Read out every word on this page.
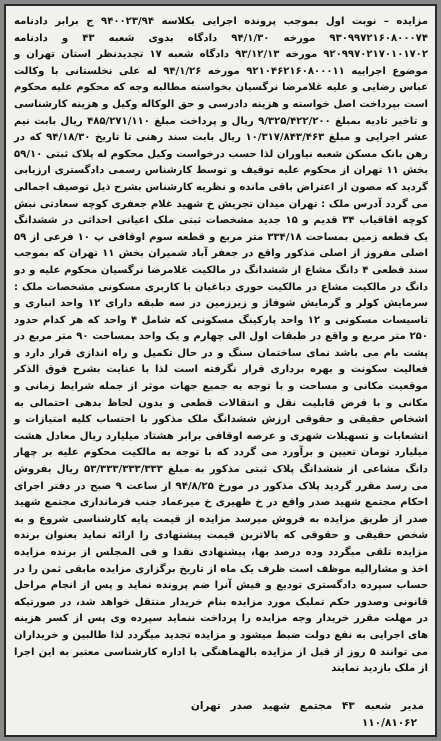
مزایده – نوبت اول بموجب پرونده اجرایی بکلاسه ۹۴۰۰۲۳/۹۴ ج برابر دادنامه ۹۳۰۹۹۷۲۱۶۰۸۰۰۰۷۴ مورخه ۹۴/۱/۳۰ دادگاه بدوی شعبه ۴۳ و دادنامه ۹۲۰۹۹۷۰۲۱۷۰۱۰۱۷۰۲ مورخه ۹۳/۱۲/۱۳ دادگاه شعبه ۱۷ تجدیدنظر استان تهران و موضوع اجراییه ۹۲۱۰۴۶۲۱۶۰۸۰۰۰۱۱ مورخه ۹۴/۱/۲۶ له علی نخلستانی با وکالت عباس رضایی و علیه غلامرضا نرگسیان بخواسته مطالبه وجه که محکوم علیه محکوم است بپرداخت اصل خواسته و هزینه دادرسی و حق الوکاله وکیل و هزینه کارشناسی و تاخیر تادیه بمبلغ ۹/۳۲۵/۴۲۲/۲۰۰ ریال و پرداخت مبلغ ۴۸۵/۲۷۱/۱۱۰ ریال بابت نیم عشر اجرایی و مبلغ ۱۰/۳۱۷/۸۴۳/۴۶۳ ریال بابت سند رهنی تا تاریخ ۹۴/۱۸/۳۰ که در رهن بانک مسکن شعبه نیاوران لذا حسب درخواست وکیل محکوم له پلاک ثبتی ۵۹/۱۰ بخش ۱۱ تهران از محکوم علیه توقیف و توسط کارشناس رسمی دادگستری ارزیابی گردید که مصون از اعتراض باقی مانده و نظریه کارشناس بشرح ذیل توصیف اجمالی می گردد آدرس ملک : تهران میدان تجریش خ شهید غلام جعفری کوچه سعادتی نبش کوچه اقاقیاب ۳۴ قدیم و ۱۵ جدید مشخصات ثبتی ملک اعیانی احداثی در ششدانگ یک قطعه زمین بمساحت ۳۳۴/۱۸ متر مربع و قطعه سوم اوقافی پ ۱۰ فرعی از ۵۹ اصلی مفروز از اصلی مذکور واقع در جعفر آباد شمیران بخش ۱۱ تهران که بموجب سند قطعی ۴ دانگ مشاع از ششدانگ در مالکیت غلامرضا نرگسیان محکوم علیه و دو دانگ در مالکیت مشاع در مالکیت حوری دباغیان با کاربری مسکونی مشخصات ملک : سرمایش کولر و گرمایش شوفاژ و زیرزمین در سه طبقه دارای ۱۲ واحد انباری و تاسیسات مسکونی و ۱۲ واحد پارکینگ مسکونی که شامل ۴ واحد که هر کدام حدود ۲۵۰ متر مربع و واقع در طبقات اول الی چهارم و یک واحد بمساحت ۹۰ متر مربع در پشت بام می باشد نمای ساختمان سنگ و در حال تکمیل و راه اندازی قرار دارد و فعالیت سکونت و بهره برداری قرار نگرفته است لذا با عنایت بشرح فوق الذکر موقعیت مکانی و مساحت و با توجه به جمیع جهات موثر از جمله شرایط زمانی و مکانی و با فرض قابلیت نقل و انتقالات قطعی و بدون لحاظ بدهی احتمالی به اشخاص حقیقی و حقوقی ارزش ششدانگ ملک مذکور با احتساب کلیه امتیازات و انشعابات و تسهیلات شهری و عرصه اوقافی برابر هشتاد میلیارد ریال معادل هشت میلیارد تومان تعیین و برآورد می گردد که با توجه به مالکیت محکوم علیه بر چهار دانگ مشاعی از ششدانگ پلاک ثبتی مذکور به مبلغ ۵۳/۳۳۳/۳۳۳/۳۳۳ ریال بفروش می رسد مقرر گردید پلاک مذکور در مورخ ۹۴/۸/۲۵ از ساعت ۹ صبح در دفتر اجرای احکام مجتمع شهید صدر واقع در خ ظهیری خ میرعماد جنب فرمانداری مجتمع شهید صدر از طریق مزایده به فروش میرسد مزایده از قیمت پایه کارشناسی شروع و به شخص حقیقی و حقوقی که بالاترین قیمت پیشنهادی را ارائه نماید بعنوان برنده مزایده تلقی میگردد وده درصد بها، پیشنهادی نقدا و فی المجلس از برنده مزایده اخذ و مشارالیه موظف است ظرف یک ماه از تاریخ برگزاری مزایده مابقی ثمن را در حساب سپرده دادگستری تودیع و فیش آنرا ضم پرونده نماید و پس از انجام مراحل قانونی وصدور حکم تملیک مورد مزایده بنام خریدار منتقل خواهد شد، در صورتیکه در مهلت مقرر خریدار وجه مزایده را پرداخت ننماید سپرده وی پس از کسر هزینه های اجرایی به نفع دولت ضبط میشود و مزایده تجدید میگردد لذا طالبین و خریداران می توانند ۵ روز از قبل از مزایده بالهماهنگی با اداره کارشناسی معتبر به این اجرا از ملک بازدید نمایند
مدیر شعبه ۴۳ مجتمع شهید صدر تهران
۱۱۰/۸۱۰۶۲
